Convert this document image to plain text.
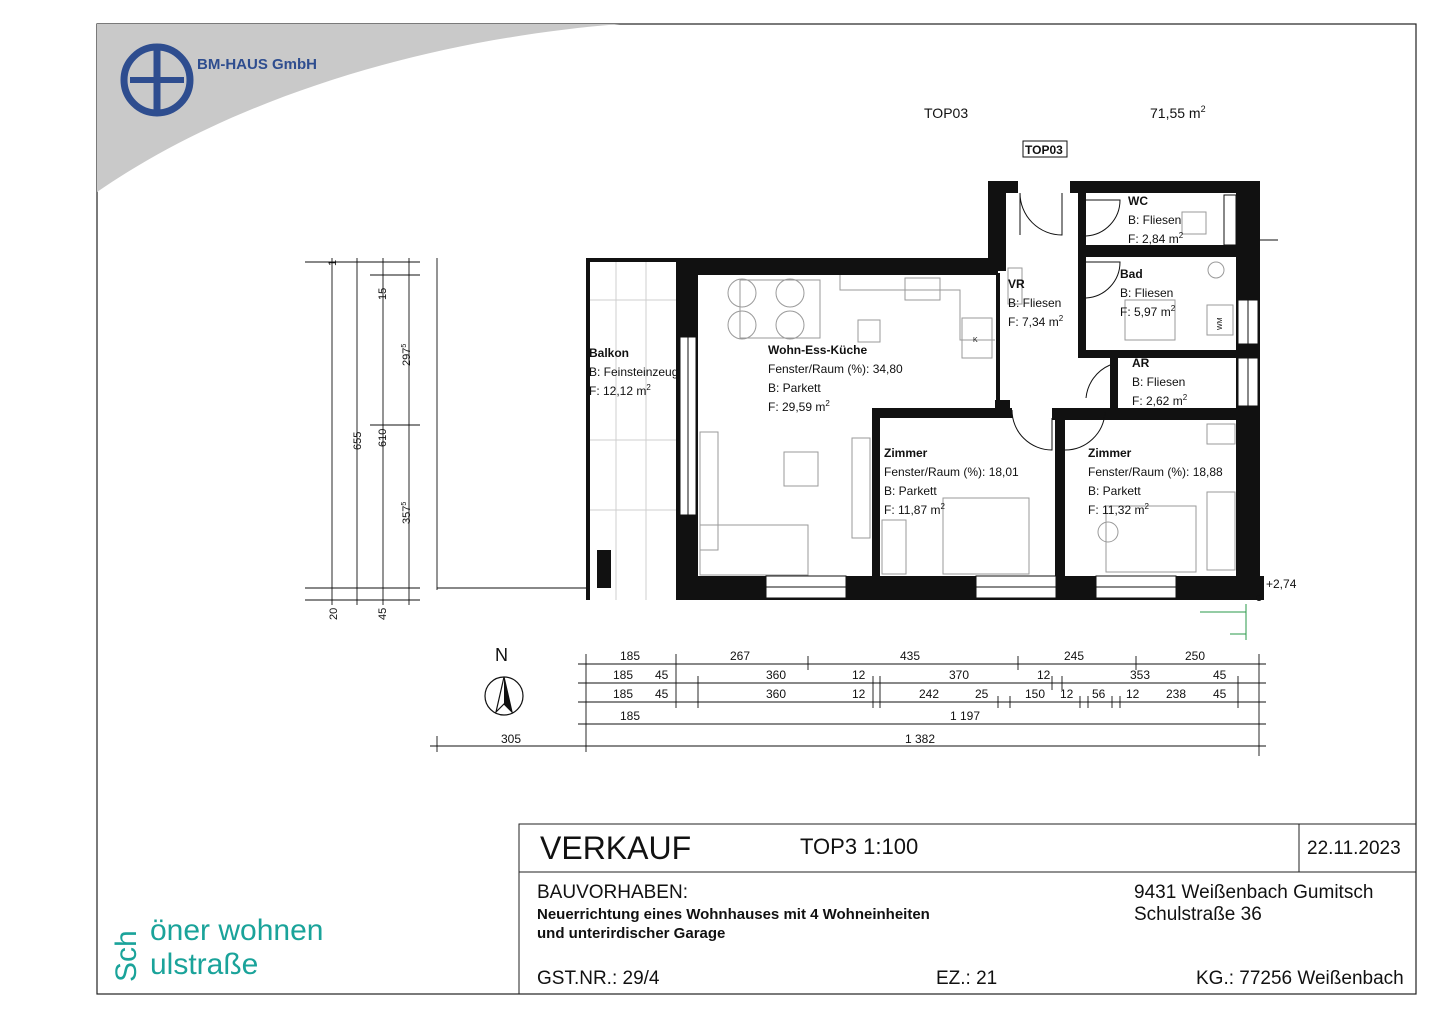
BM-HAUS GmbH
TOP03	71,55 $m^2$
TOP03
K
WM
WC
B: Fliesen
F: 2,84 $m^2$
Bad
B: Fliesen
F: 5,97 $m^2$
VR
B: Fliesen
F: 7,34 $m^2$
AR
B: Fliesen
F: 2,62 $m^2$
Balkon
B: Feinsteinzeug
F: 12,12 $m^2$
Wohn-Ess-Küche
Fenster/Raum (%): 34,80
B: Parkett
F: 29,59 $m^2$
Zimmer
Fenster/Raum (%): 18,01
B: Parkett
F: 11,87 $m^2$
Zimmer
Fenster/Raum (%): 18,88
B: Parkett
F: 11,32 $m^2$
+2,74
N
1
15
$297^5$
$357^5$
610
655
20	45
185	267	435	245	250
185 45	360	12	370	12	353	45
185 45	360	12	242	25	150 12 56 12 238 45
185	1 197
305	1 382
Sch öner wohnen
ulstraße
VERKAUF	TOP3 1:100	22.11.2023
BAUVORHABEN:
Neuerrichtung eines Wohnhauses mit 4 Wohneinheiten
und unterirdischer Garage
9431 Weißenbach Gumitsch
Schulstraße 36
GST.NR.: 29/4	EZ.: 21	KG.: 77256 Weißenbach
